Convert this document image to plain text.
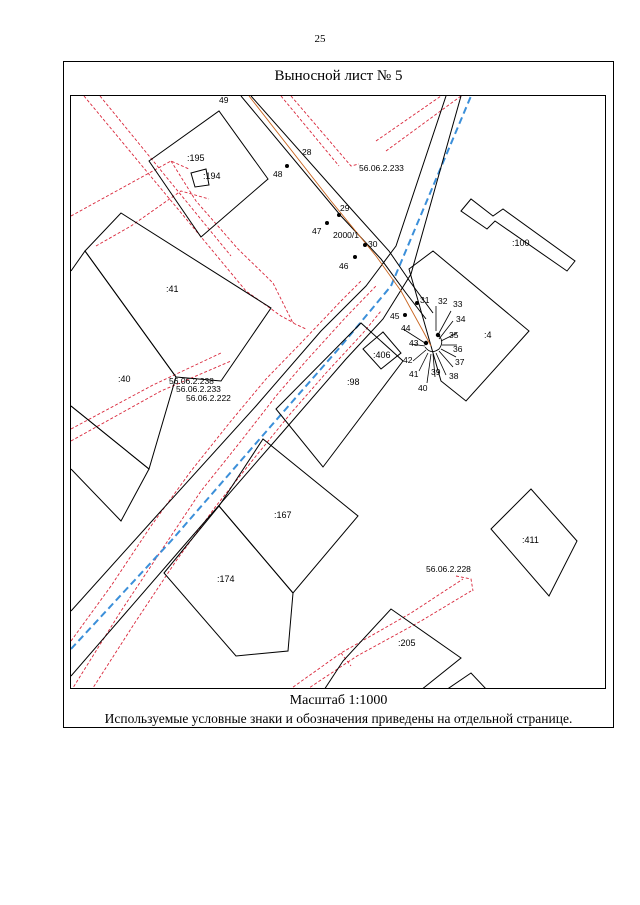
25
Выносной лист № 5
:195
:194
:41
:40
:406
:98
:4
:100
:167
:174
:411
:205
56.06.2.233
56.06.2.238
56.06.2.233
56.06.2.222
56.06.2.228
2000/1
49
28
48
29
47
30
46
31 32 33
34
35
36
37
38
39
40
41
42
43
44
45
Масштаб 1:1000
Используемые условные знаки и обозначения приведены на отдельной странице.
